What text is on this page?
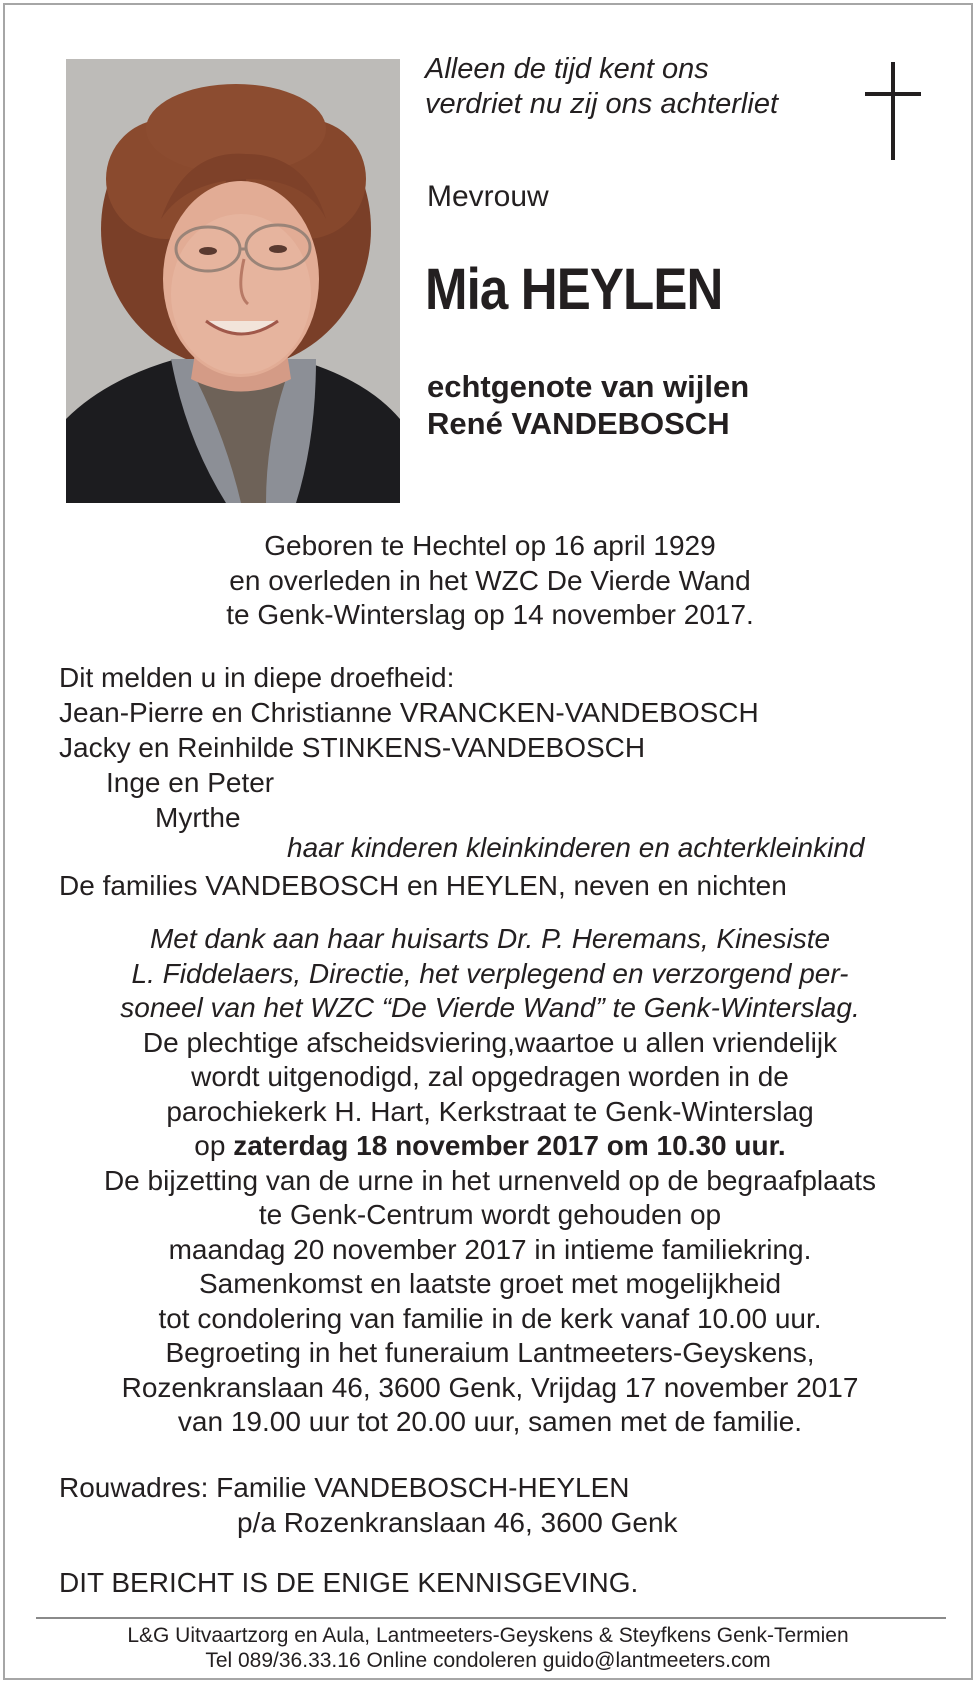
Alleen de tijd kent ons
verdriet nu zij ons achterliet
Mevrouw
Mia HEYLEN
echtgenote van wijlen
René VANDEBOSCH
Geboren te Hechtel op 16 april 1929
en overleden in het WZC De Vierde Wand
te Genk-Winterslag op 14 november 2017.
Dit melden u in diepe droefheid:
Jean-Pierre en Christianne VRANCKEN-VANDEBOSCH
Jacky en Reinhilde STINKENS-VANDEBOSCH
Inge en Peter
Myrthe
haar kinderen kleinkinderen en achterkleinkind
De families VANDEBOSCH en HEYLEN, neven en nichten
Met dank aan haar huisarts Dr. P. Heremans, Kinesiste
L. Fiddelaers, Directie, het verplegend en verzorgend per-
soneel van het WZC “De Vierde Wand” te Genk-Winterslag.
De plechtige afscheidsviering,waartoe u allen vriendelijk
wordt uitgenodigd, zal opgedragen worden in de
parochiekerk H. Hart, Kerkstraat te Genk-Winterslag
op zaterdag 18 november 2017 om 10.30 uur.
De bijzetting van de urne in het urnenveld op de begraafplaats
te Genk-Centrum wordt gehouden op
maandag 20 november 2017 in intieme familiekring.
Samenkomst en laatste groet met mogelijkheid
tot condolering van familie in de kerk vanaf 10.00 uur.
Begroeting in het funeraium Lantmeeters-Geyskens,
Rozenkranslaan 46, 3600 Genk, Vrijdag 17 november 2017
van 19.00 uur tot 20.00 uur, samen met de familie.
Rouwadres: Familie VANDEBOSCH-HEYLEN
p/a Rozenkranslaan 46, 3600 Genk
DIT BERICHT IS DE ENIGE KENNISGEVING.
L&G Uitvaartzorg en Aula, Lantmeeters-Geyskens & Steyfkens Genk-Termien
Tel 089/36.33.16 Online condoleren guido@lantmeeters.com
